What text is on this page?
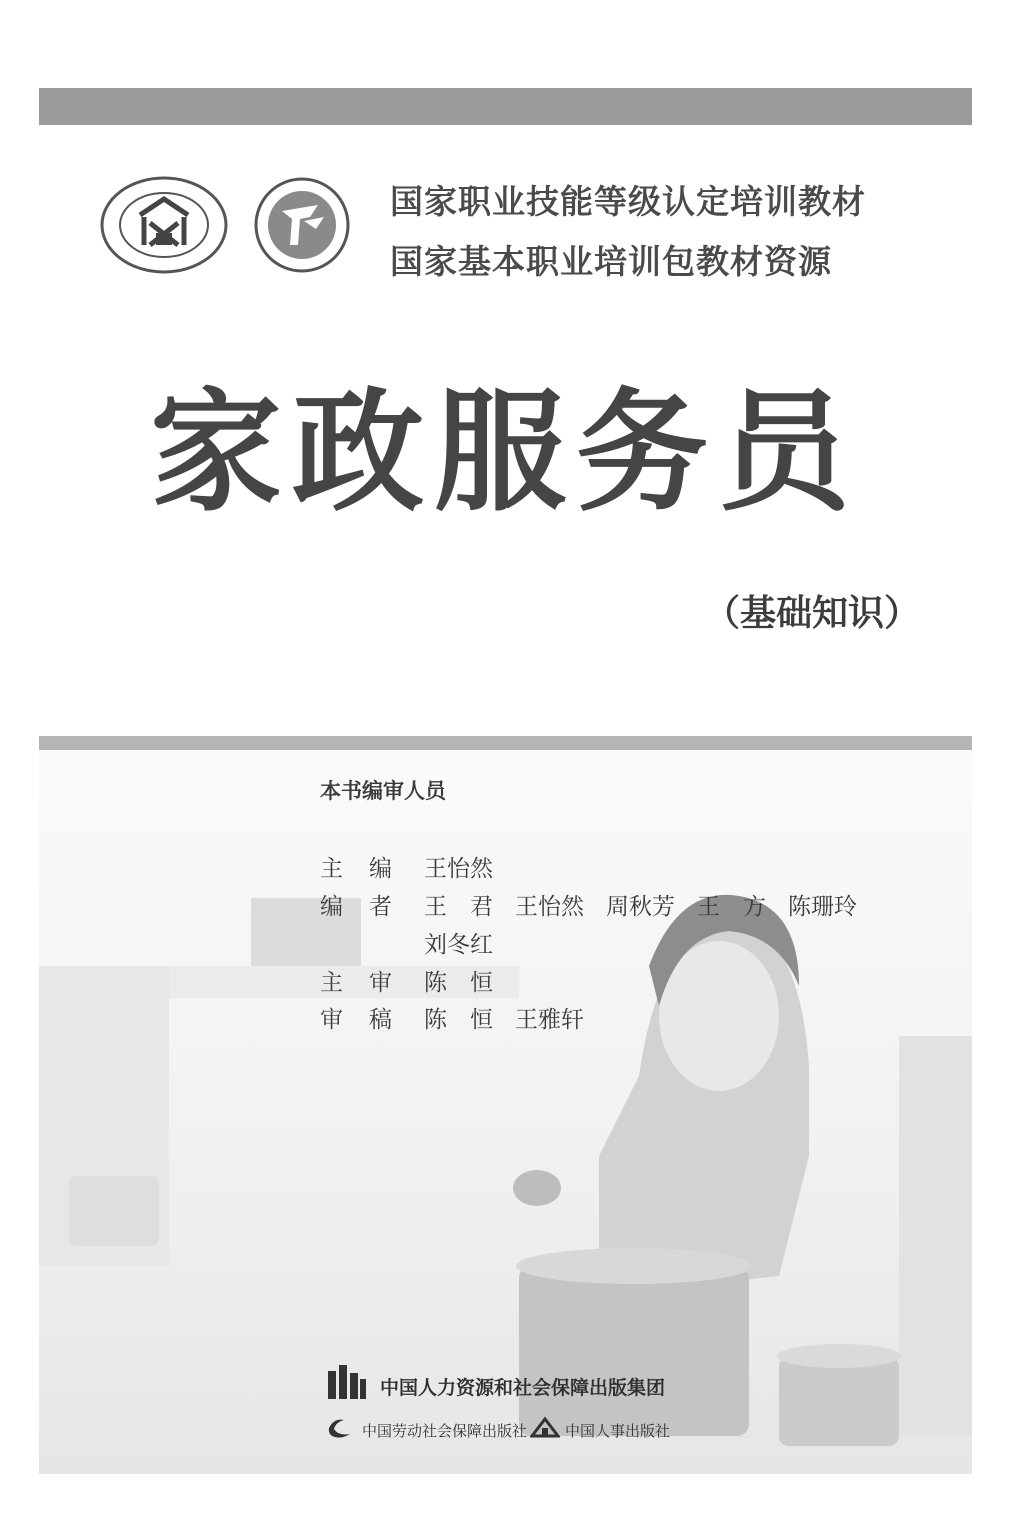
国家职业技能等级认定培训教材
国家基本职业培训包教材资源
家政服务员
（基础知识）
本书编审人员
主编 王怡然
编者 王　君 王怡然 周秋芳 王　方 陈珊玲
刘冬红
主审 陈　恒
审稿 陈　恒 王雅轩
中国人力资源和社会保障出版集团
中国劳动社会保障出版社	中国人事出版社
